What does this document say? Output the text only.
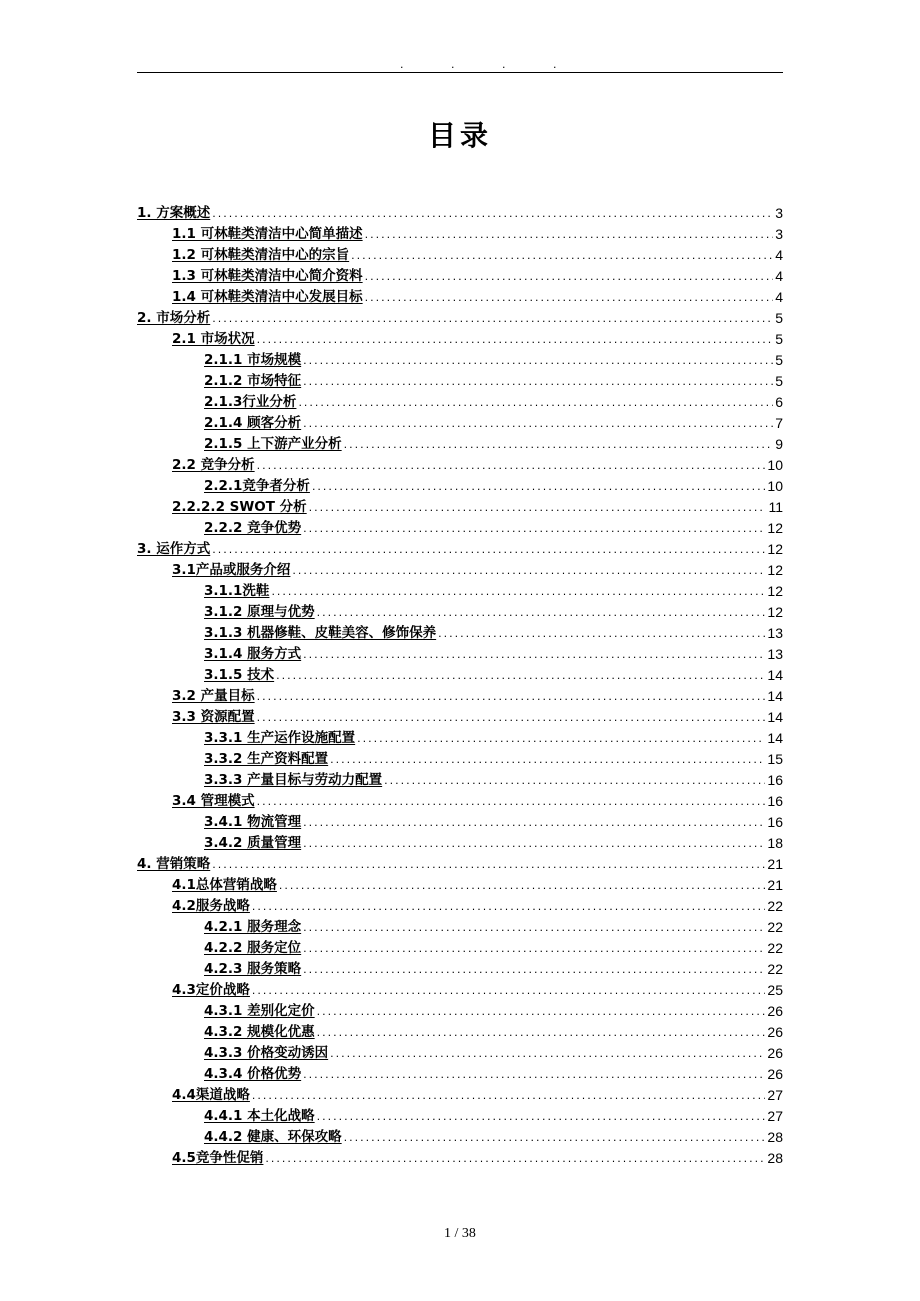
. . . .
目录
1. 方案概述 .....	3
1.1 可林鞋类清洁中心简单描述 .....	3
1.2 可林鞋类清洁中心的宗旨 .....	4
1.3 可林鞋类清洁中心简介资料 .....	4
1.4 可林鞋类清洁中心发展目标 .....	4
2. 市场分析 .....	5
2.1 市场状况 .....	5
2.1.1 市场规模 .....	5
2.1.2 市场特征 .....	5
2.1.3行业分析 .....	6
2.1.4 顾客分析 .....	7
2.1.5 上下游产业分析 .....	9
2.2 竞争分析 .....	10
2.2.1竞争者分析 .....	10
2.2.2.2 SWOT 分析 .....	11
2.2.2 竞争优势 .....	12
3. 运作方式 .....	12
3.1产品或服务介绍 .....	12
3.1.1洗鞋 .....	12
3.1.2 原理与优势 .....	12
3.1.3 机器修鞋、皮鞋美容、修饰保养 .....	13
3.1.4 服务方式 .....	13
3.1.5 技术 .....	14
3.2 产量目标 .....	14
3.3 资源配置 .....	14
3.3.1 生产运作设施配置 .....	14
3.3.2 生产资料配置 .....	15
3.3.3 产量目标与劳动力配置 .....	16
3.4 管理模式 .....	16
3.4.1 物流管理 .....	16
3.4.2 质量管理 .....	18
4. 营销策略 .....	21
4.1总体营销战略 .....	21
4.2服务战略 .....	22
4.2.1 服务理念 .....	22
4.2.2 服务定位 .....	22
4.2.3 服务策略 .....	22
4.3定价战略 .....	25
4.3.1 差别化定价 .....	26
4.3.2 规模化优惠 .....	26
4.3.3 价格变动诱因 .....	26
4.3.4 价格优势 .....	26
4.4渠道战略 .....	27
4.4.1 本土化战略 .....	27
4.4.2 健康、环保攻略 .....	28
4.5竞争性促销 .....	28
1 / 38
